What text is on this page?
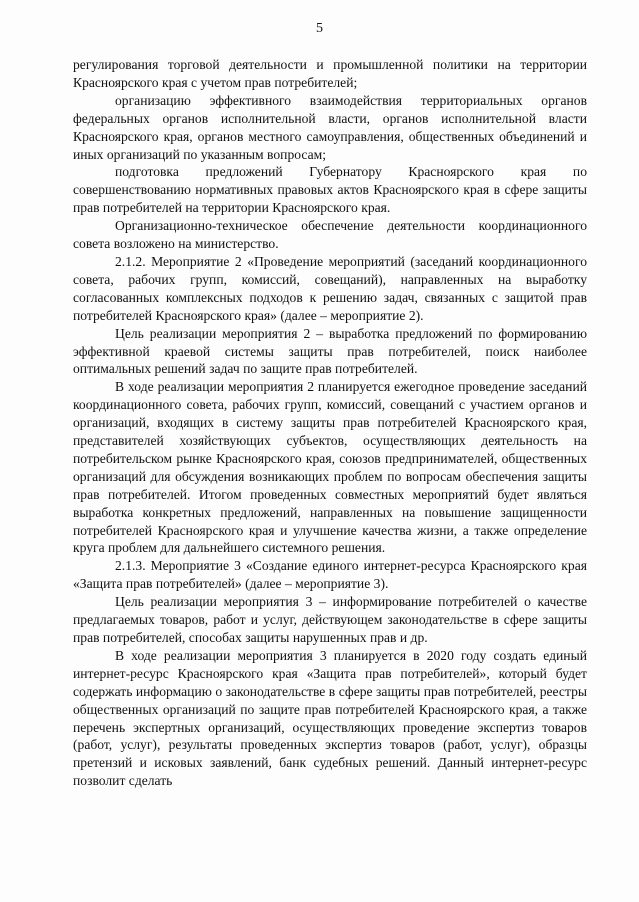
5

регулирования торговой деятельности и промышленной политики на территории Красноярского края с учетом прав потребителей;

организацию эффективного взаимодействия территориальных органов федеральных органов исполнительной власти, органов исполнительной власти Красноярского края, органов местного самоуправления, общественных объединений и иных организаций по указанным вопросам;

подготовка предложений Губернатору Красноярского края по совершенствованию нормативных правовых актов Красноярского края в сфере защиты прав потребителей на территории Красноярского края.

Организационно-техническое обеспечение деятельности координационного совета возложено на министерство.

2.1.2. Мероприятие 2 «Проведение мероприятий (заседаний координационного совета, рабочих групп, комиссий, совещаний), направленных на выработку согласованных комплексных подходов к решению задач, связанных с защитой прав потребителей Красноярского края» (далее – мероприятие 2).

Цель реализации мероприятия 2 – выработка предложений по формированию эффективной краевой системы защиты прав потребителей, поиск наиболее оптимальных решений задач по защите прав потребителей.

В ходе реализации мероприятия 2 планируется ежегодное проведение заседаний координационного совета, рабочих групп, комиссий, совещаний с участием органов и организаций, входящих в систему защиты прав потребителей Красноярского края, представителей хозяйствующих субъектов, осуществляющих деятельность на потребительском рынке Красноярского края, союзов предпринимателей, общественных организаций для обсуждения возникающих проблем по вопросам обеспечения защиты прав потребителей. Итогом проведенных совместных мероприятий будет являться выработка конкретных предложений, направленных на повышение защищенности потребителей Красноярского края и улучшение качества жизни, а также определение круга проблем для дальнейшего системного решения.

2.1.3. Мероприятие 3 «Создание единого интернет-ресурса Красноярского края «Защита прав потребителей» (далее – мероприятие 3).

Цель реализации мероприятия 3 – информирование потребителей о качестве предлагаемых товаров, работ и услуг, действующем законодательстве в сфере защиты прав потребителей, способах защиты нарушенных прав и др.

В ходе реализации мероприятия 3 планируется в 2020 году создать единый интернет-ресурс Красноярского края «Защита прав потребителей», который будет содержать информацию о законодательстве в сфере защиты прав потребителей, реестры общественных организаций по защите прав потребителей Красноярского края, а также перечень экспертных организаций, осуществляющих проведение экспертиз товаров (работ, услуг), результаты проведенных экспертиз товаров (работ, услуг), образцы претензий и исковых заявлений, банк судебных решений. Данный интернет-ресурс позволит сделать
